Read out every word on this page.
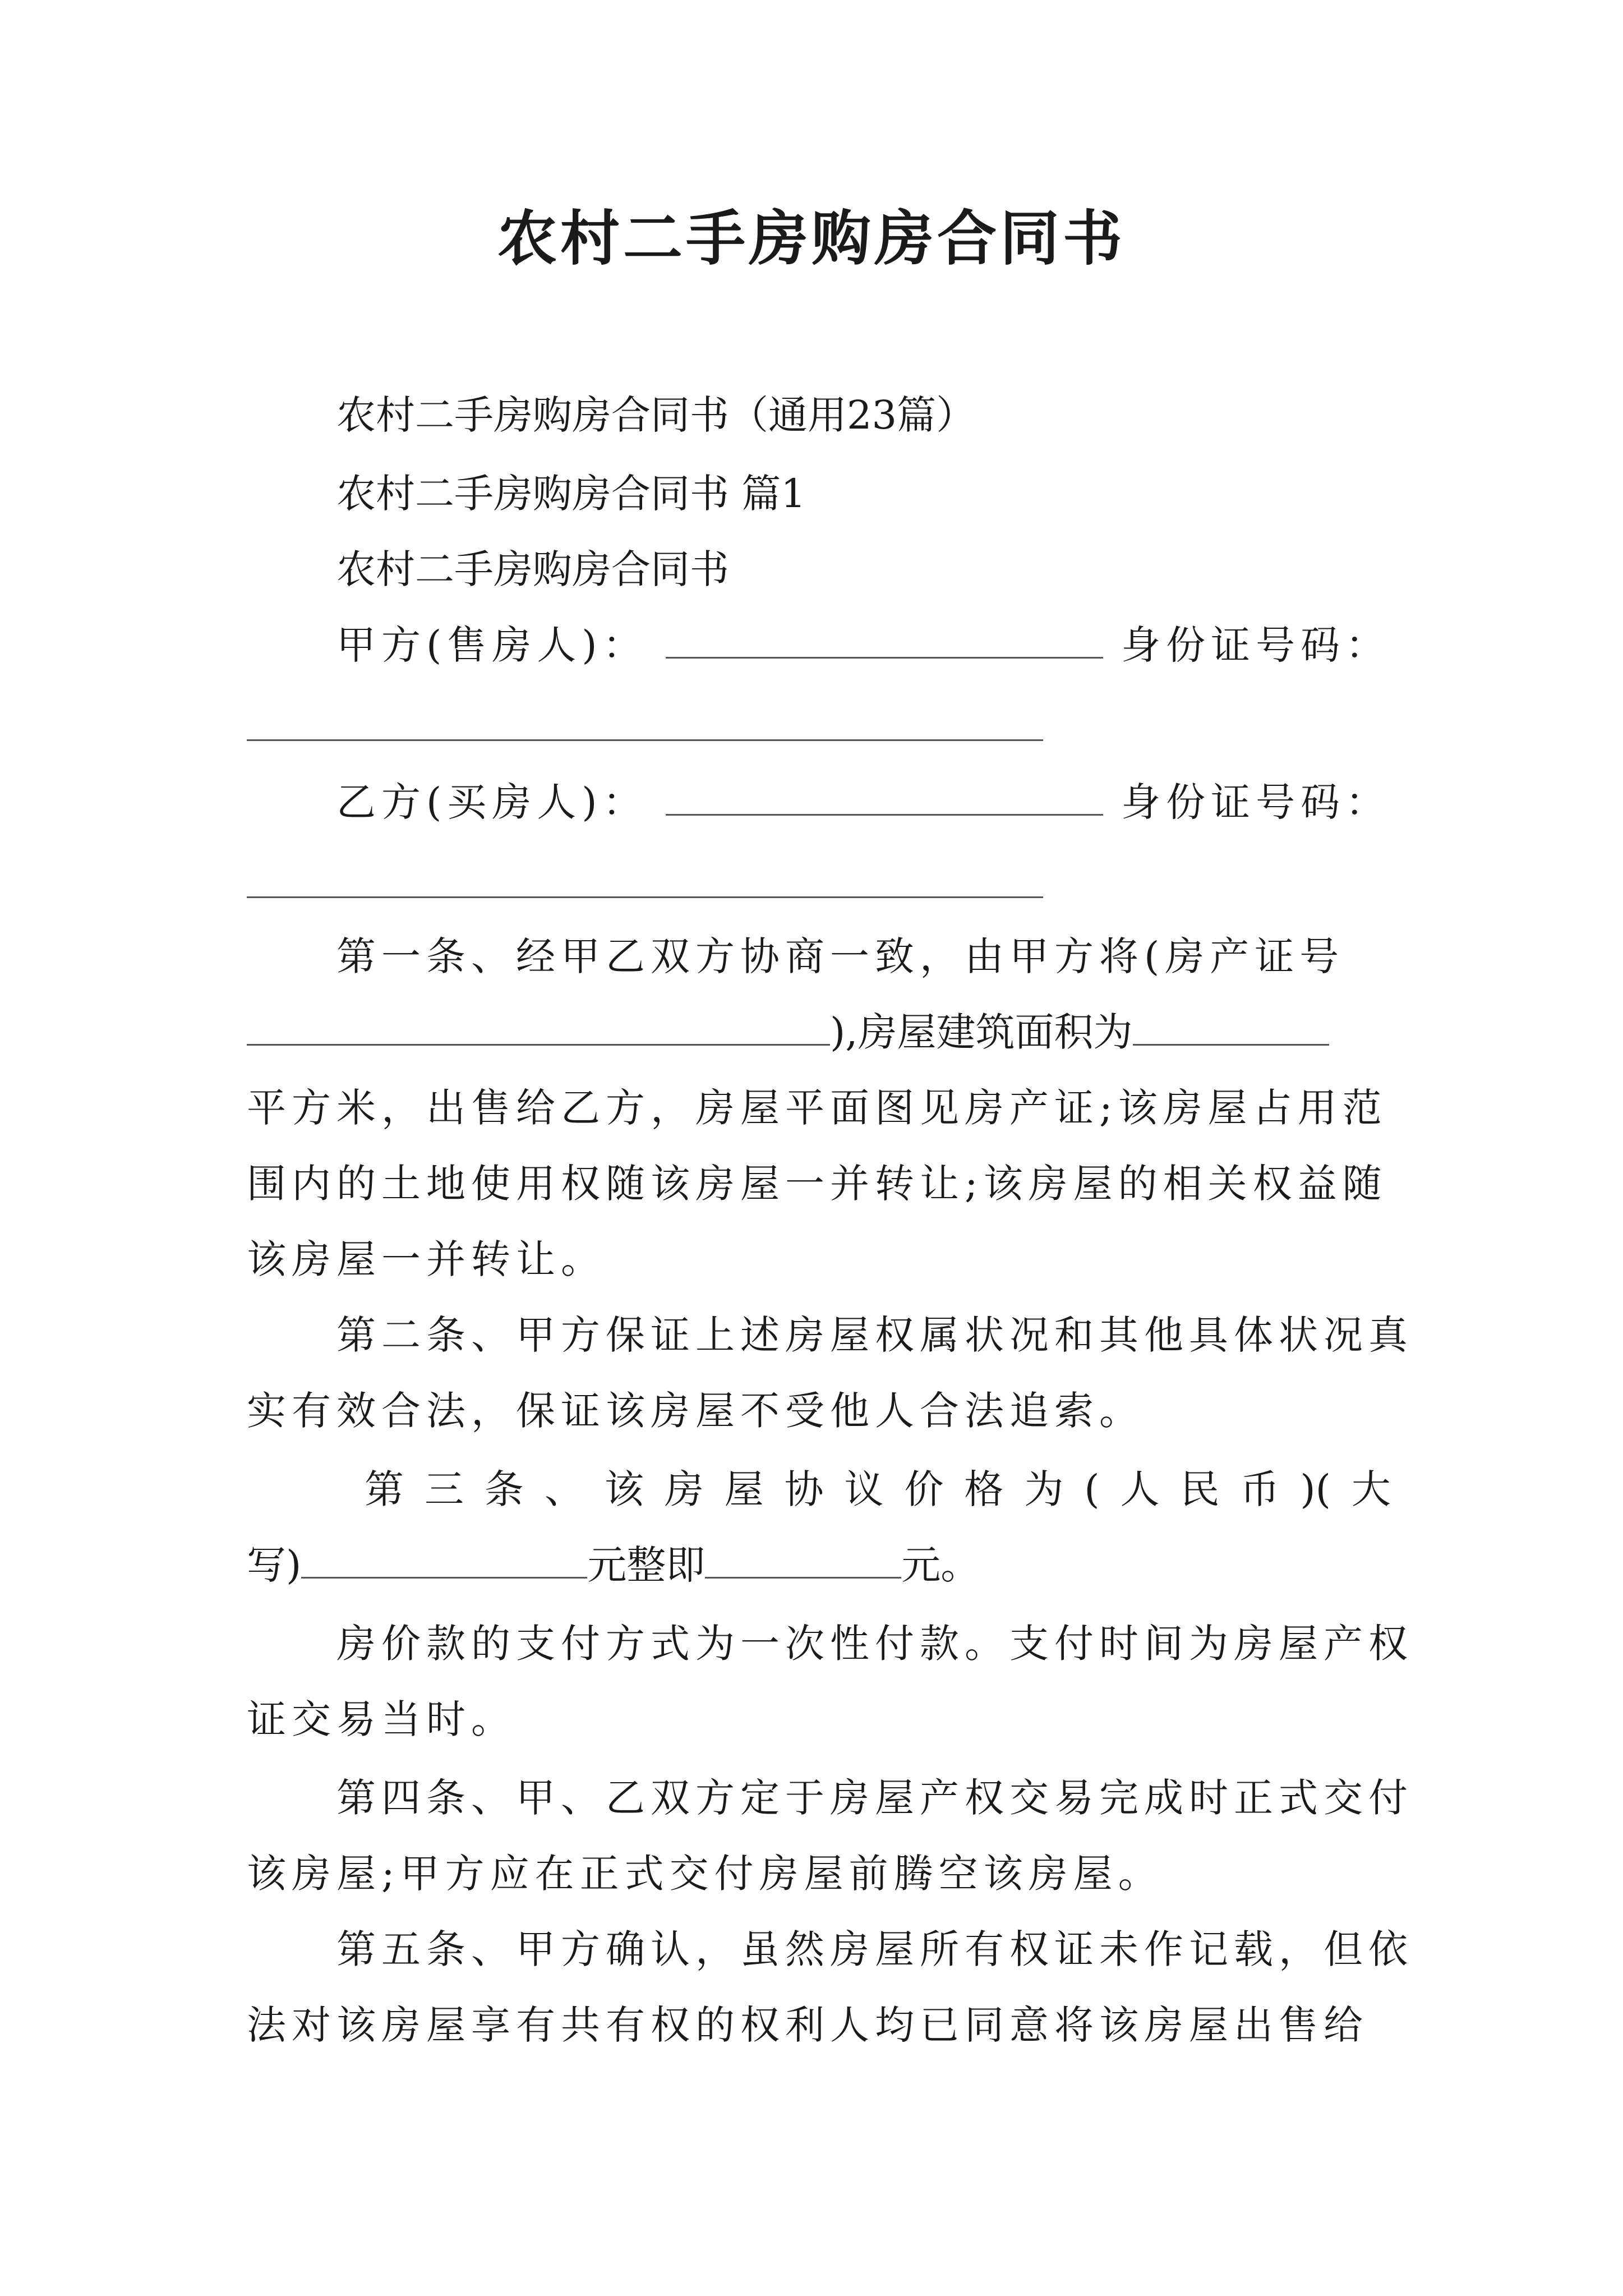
农村二手房购房合同书
农村二手房购房合同书（通用23篇）
农村二手房购房合同书 篇1
农村二手房购房合同书
甲方(售房人)：	身份证号码：
乙方(买房人)：	身份证号码：
第一条、经甲乙双方协商一致，由甲方将(房产证号
),房屋建筑面积为
平方米，出售给乙方，房屋平面图见房产证;该房屋占用范
围内的土地使用权随该房屋一并转让;该房屋的相关权益随
该房屋一并转让。
第二条、甲方保证上述房屋权属状况和其他具体状况真
实有效合法，保证该房屋不受他人合法追索。
第 三 条 、 该 房 屋 协 议 价 格 为 ( 人 民 币 )( 大
写)	元整即	元。
房价款的支付方式为一次性付款。支付时间为房屋产权
证交易当时。
第四条、甲、乙双方定于房屋产权交易完成时正式交付
该房屋;甲方应在正式交付房屋前腾空该房屋。
第五条、甲方确认，虽然房屋所有权证未作记载，但依
法对该房屋享有共有权的权利人均已同意将该房屋出售给
